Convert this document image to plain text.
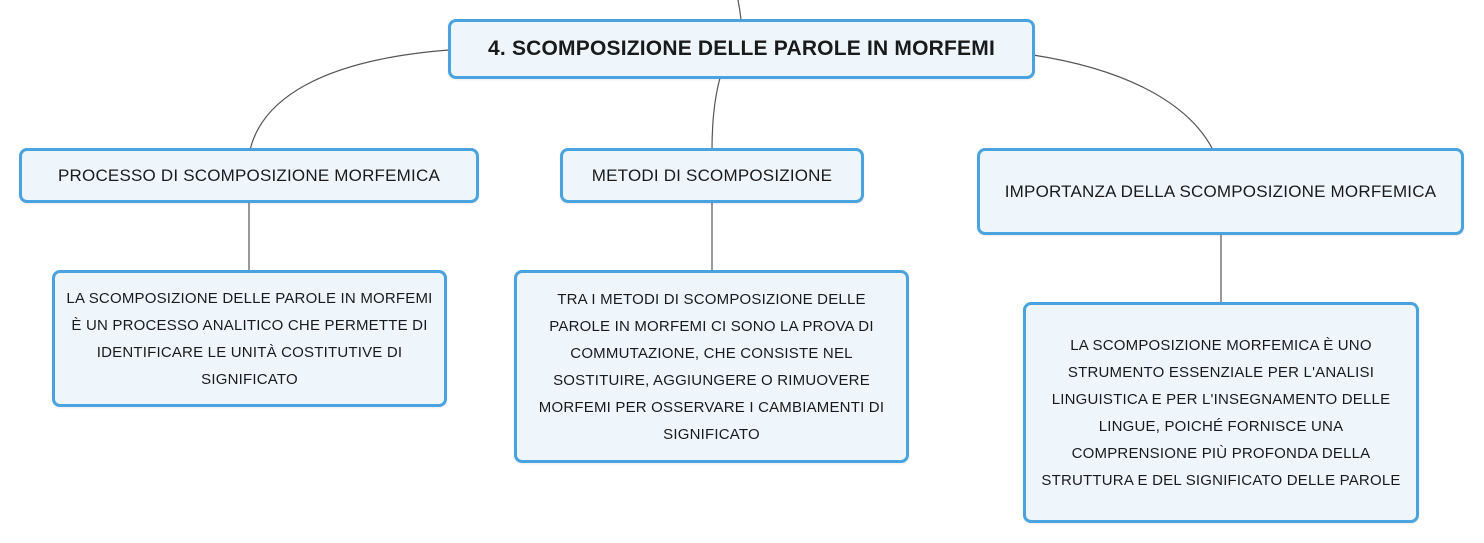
4. SCOMPOSIZIONE DELLE PAROLE IN MORFEMI
PROCESSO DI SCOMPOSIZIONE MORFEMICA	METODI DI SCOMPOSIZIONE
IMPORTANZA DELLA SCOMPOSIZIONE MORFEMICA
LA SCOMPOSIZIONE DELLE PAROLE IN MORFEMI È UN PROCESSO ANALITICO CHE PERMETTE DI IDENTIFICARE LE UNITÀ COSTITUTIVE DI SIGNIFICATO
TRA I METODI DI SCOMPOSIZIONE DELLE PAROLE IN MORFEMI CI SONO LA PROVA DI COMMUTAZIONE, CHE CONSISTE NEL SOSTITUIRE, AGGIUNGERE O RIMUOVERE MORFEMI PER OSSERVARE I CAMBIAMENTI DI SIGNIFICATO
LA SCOMPOSIZIONE MORFEMICA È UNO STRUMENTO ESSENZIALE PER L'ANALISI LINGUISTICA E PER L'INSEGNAMENTO DELLE LINGUE, POICHÉ FORNISCE UNA COMPRENSIONE PIÙ PROFONDA DELLA STRUTTURA E DEL SIGNIFICATO DELLE PAROLE
